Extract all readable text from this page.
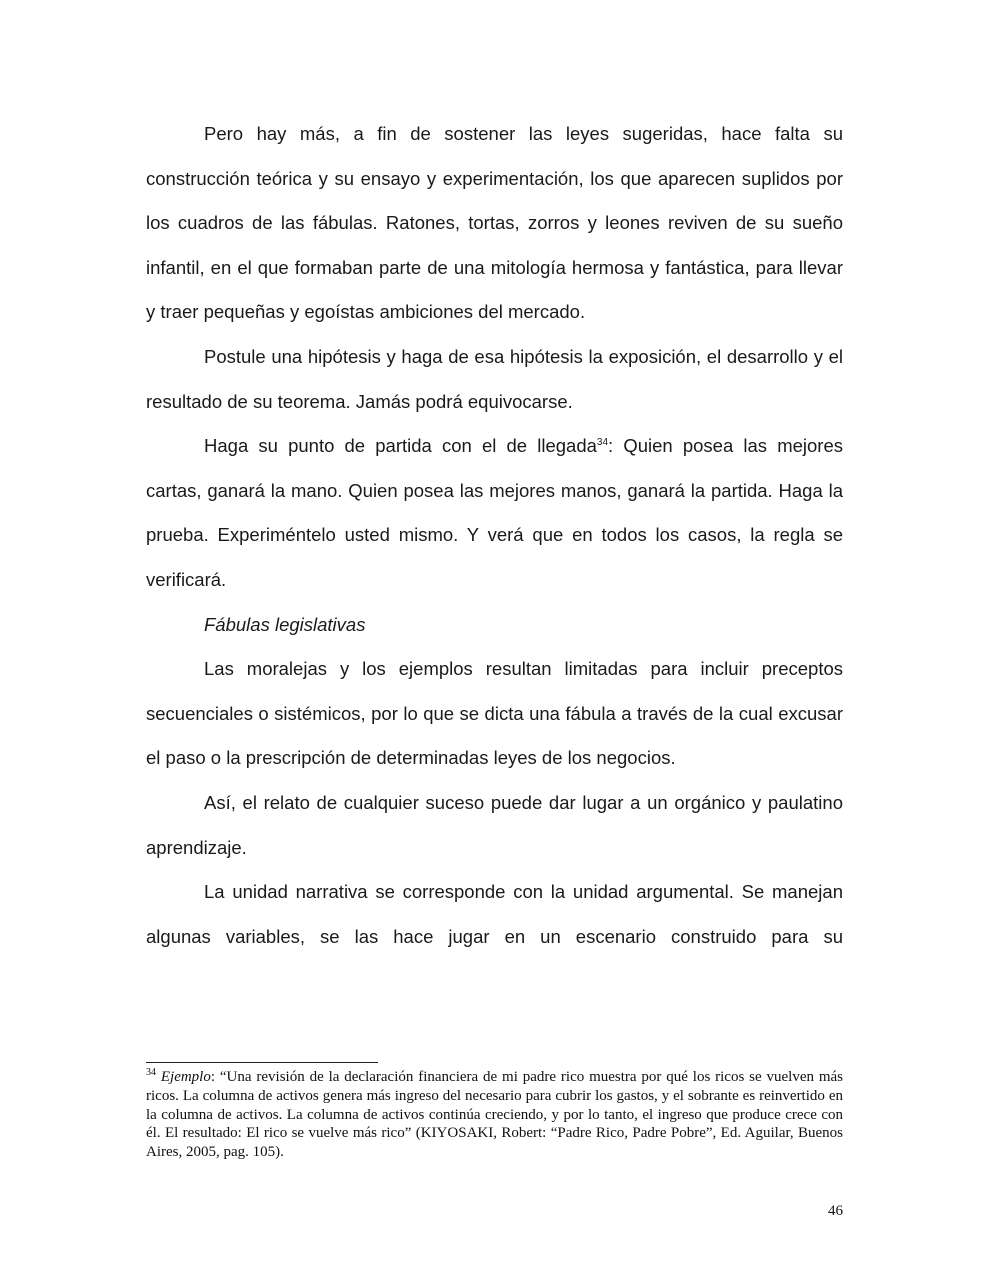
Pero hay más, a fin de sostener las leyes sugeridas, hace falta su construcción teórica y su ensayo y experimentación, los que aparecen suplidos por los cuadros de las fábulas. Ratones, tortas, zorros y leones reviven de su sueño infantil, en el que formaban parte de una mitología hermosa y fantástica, para llevar y traer pequeñas y egoístas ambiciones del mercado.

Postule una hipótesis y haga de esa hipótesis la exposición, el desarrollo y el resultado de su teorema. Jamás podrá equivocarse.

Haga su punto de partida con el de llegada$^{34}$: Quien posea las mejores cartas, ganará la mano. Quien posea las mejores manos, ganará la partida. Haga la prueba. Experiméntelo usted mismo. Y verá que en todos los casos, la regla se verificará.

Fábulas legislativas

Las moralejas y los ejemplos resultan limitadas para incluir preceptos secuenciales o sistémicos, por lo que se dicta una fábula a través de la cual excusar el paso o la prescripción de determinadas leyes de los negocios.

Así, el relato de cualquier suceso puede dar lugar a un orgánico y paulatino aprendizaje.

La unidad narrativa se corresponde con la unidad argumental. Se manejan algunas variables, se las hace jugar en un escenario construido para su

$^{34}$ Ejemplo: “Una revisión de la declaración financiera de mi padre rico muestra por qué los ricos se vuelven más ricos. La columna de activos genera más ingreso del necesario para cubrir los gastos, y el sobrante es reinvertido en la columna de activos. La columna de activos continúa creciendo, y por lo tanto, el ingreso que produce crece con él. El resultado: El rico se vuelve más rico” (KIYOSAKI, Robert: “Padre Rico, Padre Pobre”, Ed. Aguilar, Buenos Aires, 2005, pag. 105).

46
